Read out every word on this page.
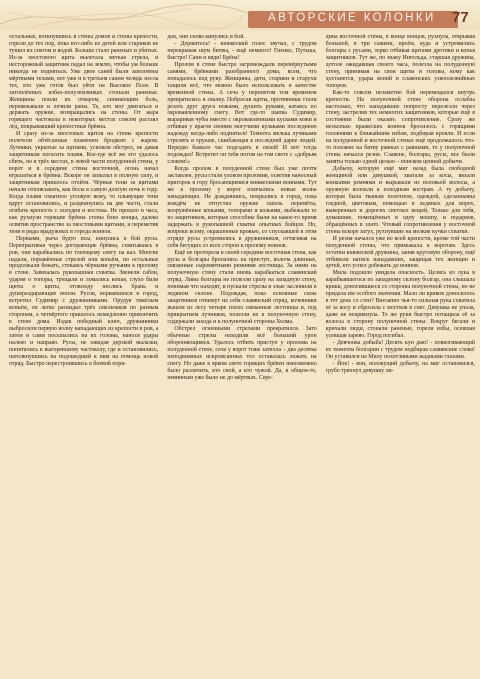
АВТОРСКИЕ КОЛОНКИ	77

остальные, воткнувшись в стены домов и стены крепости, горели до тех пор, пока кто-либо из детей или стариков не тушил их снегом и водой. Больше стало раненых и убитых. Из-за хвостового щита вылетала меткая стрела, и несторожный защитник падал на землю, чтобы уж больше никогда не подняться. Уже двое саней были заполнены мёртвыми телами, вот уже и в третьем санем челядь несла тех, кто уже готов был уйти на Высокое Поле. В хатоплённых избах-полуземлянках стонали раненые. Женщины поили их отваром, снимающим боль, перевязывали и лечили раны. Те, кто мог двигаться и держать оружие, возвращались на стены. От жара горящего частокола в некоторых местах совсем растаял лёд, покрывавший крепостные брёвна.

И сразу из-за хвостовых щитов на стены крепости полетели обтёсанные пламенем бродкою с жаром. Лучники, укрытые за щитами, усилили обстрел, не давая защитникам погасить пламя. Кое-где всё же его удалось сбить, но в трёх местах, в левой части полуденной стены, у ворот и в середине стены восточной, огонь начал вгрызаться в брёвна. Вскоре он запылал в полную силу, и защитникам пришлось отойти. Чёрные тени за щитами начали отплясывать, как бесы в самую долгую ночь в году. Когда пламя охватило угловую вежу, то плывущие тени вдруг остановились, и раздвинулись на две части, стали огибать крепость с полудня и востока. Не прошло и часа, как рухнули горящие брёвна стены близ концы, далеко освятив пространство за хвостовыми щитами, и переметив тени в ряды врадужных в города воинов.

Первыми, рыча будто псы, кинулись в бой русы. Перепрыгивая через догорающие брёвна, схватываясь в ров, они карабкались по тлеющему снегу на вал. Многие падали, поражённые стрелой или копьём, но остальные продолжали бежать, стекаясь чёрными ручьями к пролому в стене. Завязалась рукопашная схватка. Звенели сабли, ударяя о топоры, трещали и ломались копья, глухо били щиты о щиты, отовсюду неслись брань и душераздирающие вопли. Русов, ворвавшихся в город, встретил Судимир с дружинниками. Орудуя тяжёлым копьём, он легко раскидал трёх смельчаков по разным сторонам, а четвёртого пришлось немедленно прикончить в стене дома. Издав победный клич, дружинники выбросили первую волну нападающих из крепости в ров, а затем и сами посыпались на их головы, нанося удары налево и направо. Русы, не ожидая дерзкой вылазки, попятились к выгоревшему частоколу, где и остановились, натолкнувшись на подошедшей к ним на помощь новой отряд. Быстро перестроившись в боевой поря-

док, они снова кинулись в бой.

- Держитесь! - княжеский голос звучал, с трудом перекрывая шум битвы, - ещё немного! Гненко, Путьша, быстро! Сани и вяди! Брёна!

Пролом в стене быстро загромождали перевёрнутыми санями, брёвнами разобранного дома, всем, что попадалось под руку. Женщины, дети, старики и старухи тащили всё, что можно было использовать в качестве временной стены. А сеча у переметом тем временем превратилась в свалку. Побросав щиты, противники стали резать друг друга ножами, душить руками, катаясь по окровавленному снегу. Вот где-то шапка Судимир, выраривая чубы вместе с окровавленными кусками кожи и отбивая у врагов своими могучими кулаками последнюю надежду когда-либо подняться! Темнота мелька лучиками стрелять в оруьше, сшибающая к последней дарке людей. Нередко бывало час подгадать в своей! И вот тогда подождал! Встретит он тебя потом на том свете с «добрым словом!»

Когда пролом в полуденной стене был уже почти заставлен, русы стали уловом проломив, осветив наносный пригорок в гору бросающимися княжескими воинами. Тут же к пролому у ворот помчались новые волна нападающих. Не дождавшись, покрылись в город, пока вождём не отпустил оружие сквозь перемёты, вооружённые копьями, топорами и кольями, выбежали те из защитников, которые способны были на какое-то время задержать в рукопашной схватке опытных бойцов. Но, вопреки всему, окрашенные кровью, со спускавшей в этом отряде русы устремились в дружинников, оттягивая на себя бегущих со всех сторон к пролому воинов.

Ещё не проторела в своей середине восточная стена, как русы и болгары бросились на приступ, волоча длинные, связанные сыромятными ремнями лестницы. За ними на полуночную стену стали вновь карабкаться славянский отряд. Ливы болгары не полезли сразу на западную стену, понимая что находят, и пускали стрелы и злые заслонили в ледяном склоне. Подождав, пока основные силы защитников отнимут на себя славянский отряд, кочевники вышли из лесу четыре плохо связанные лестницы и, под прикрытием лучников, полезли их к полуночную стену, содержали захода и к полуночной стороны Холма.

Обстрел огненными стрелами прекратился. Зато обычные стрелы находили всё больший урон обороняющимся. Удалось отбить приступ у пролома на полуденной стене, сеча у ворот тоже затихла – два десятка неподвижных искромсанных тел оставалась лежать на снегу. Но даже в ярком свете горящих брёвен невозможно было различить, кто свой, а кто чужой. Да, в общем-то, невинным уже было не до мёртвых. Серe-

дина восточной стены, в конце концов, рухнула, открывая большой, в три сажени, проём, куда и устремились болгары с русами, зорко отбивая щитами дротики и копья защитников. Тут же, по знаку Ингельда, старшая дружина, дотоле ожидавшая своего часа, полезла на полуденную стену, принимая на свои щиты и головы, кому как достанется, удары копий и славенских узкоолезвийных топоров.

Как-то совсем незаметно бой перемещался внутрь крепости. На полуночной стене оборона ослабла настолько, что нападавшие попросту перелезли через стену, застрелив тех немногих защитников, которые ещё в состоянии были оказать сопротивление. Сразу же несколько вражеских воинов бросилось с горящими головнями к ближайшим избам, подбирая кровли. И если на полуденной и восточной стенах ещё продолжалось что-то похожее на битву равных с равными, то у полуночной стены начался резня. Славене, болгары, русы, все были заняты только одной целью – поиском ценной добычи.

Добычу, которую ещё миг назад была свободной женщиной или девушкой, хватали за косы, вязали конкьими ремнями и вырывали из воловьей волосы, а оружную волокли к походным кострам. А ту добычу, которая была тканым полотном, одеждой, сделаннаяна гледной, цветовым, помощью в ледяных для ворох, выверенных и дорогих светлых вещей, Только для тебя, домашние, помещённых в одну мошну, и подарков, обращённых в злато. Чтовый сопротивления у восточной стены вскоре затух, рухнувшие на мелкие кучки схватки.

И резня начался уже во всей крепости, кроме той части полуденной стены, что примыкала к воротам. Здесь остатки княжеской дружины, заняв круговую оборону, ещё отбивали натиск нападавших, защищая тех женщин и детей, кто успел добежать до воинов.

Мила подошло увидела опасность. Целясь из лука в карабкавшегося по западному склону болгар, она слышала крики, доносившиеся со стороны полуночной стены, но не придала им особого значения. Мало ли кривов доносилось в тот день со стен? Внезапно чья-то сильная рука схватила её за косу и сбросила с мостков в снег. Девушка не упала, даже не вскрикнула. Те же руки быстро потащила её за волосы в сторону полуночной стены. Вокруг бегали и кричали люди, стонали раненые, горели избы, осевшая усевшая зарево. Город погибал.

- Девчонка добыба! Десять кун даю! - повизгивающий из темноты болгарин с трудом подбирая славянские слова! Он уставился на Милу похотливыми жадными глазами.

- Йок! - вон, волокущий добычу, на миг остановился, грубо тряхнул девушку ли-
